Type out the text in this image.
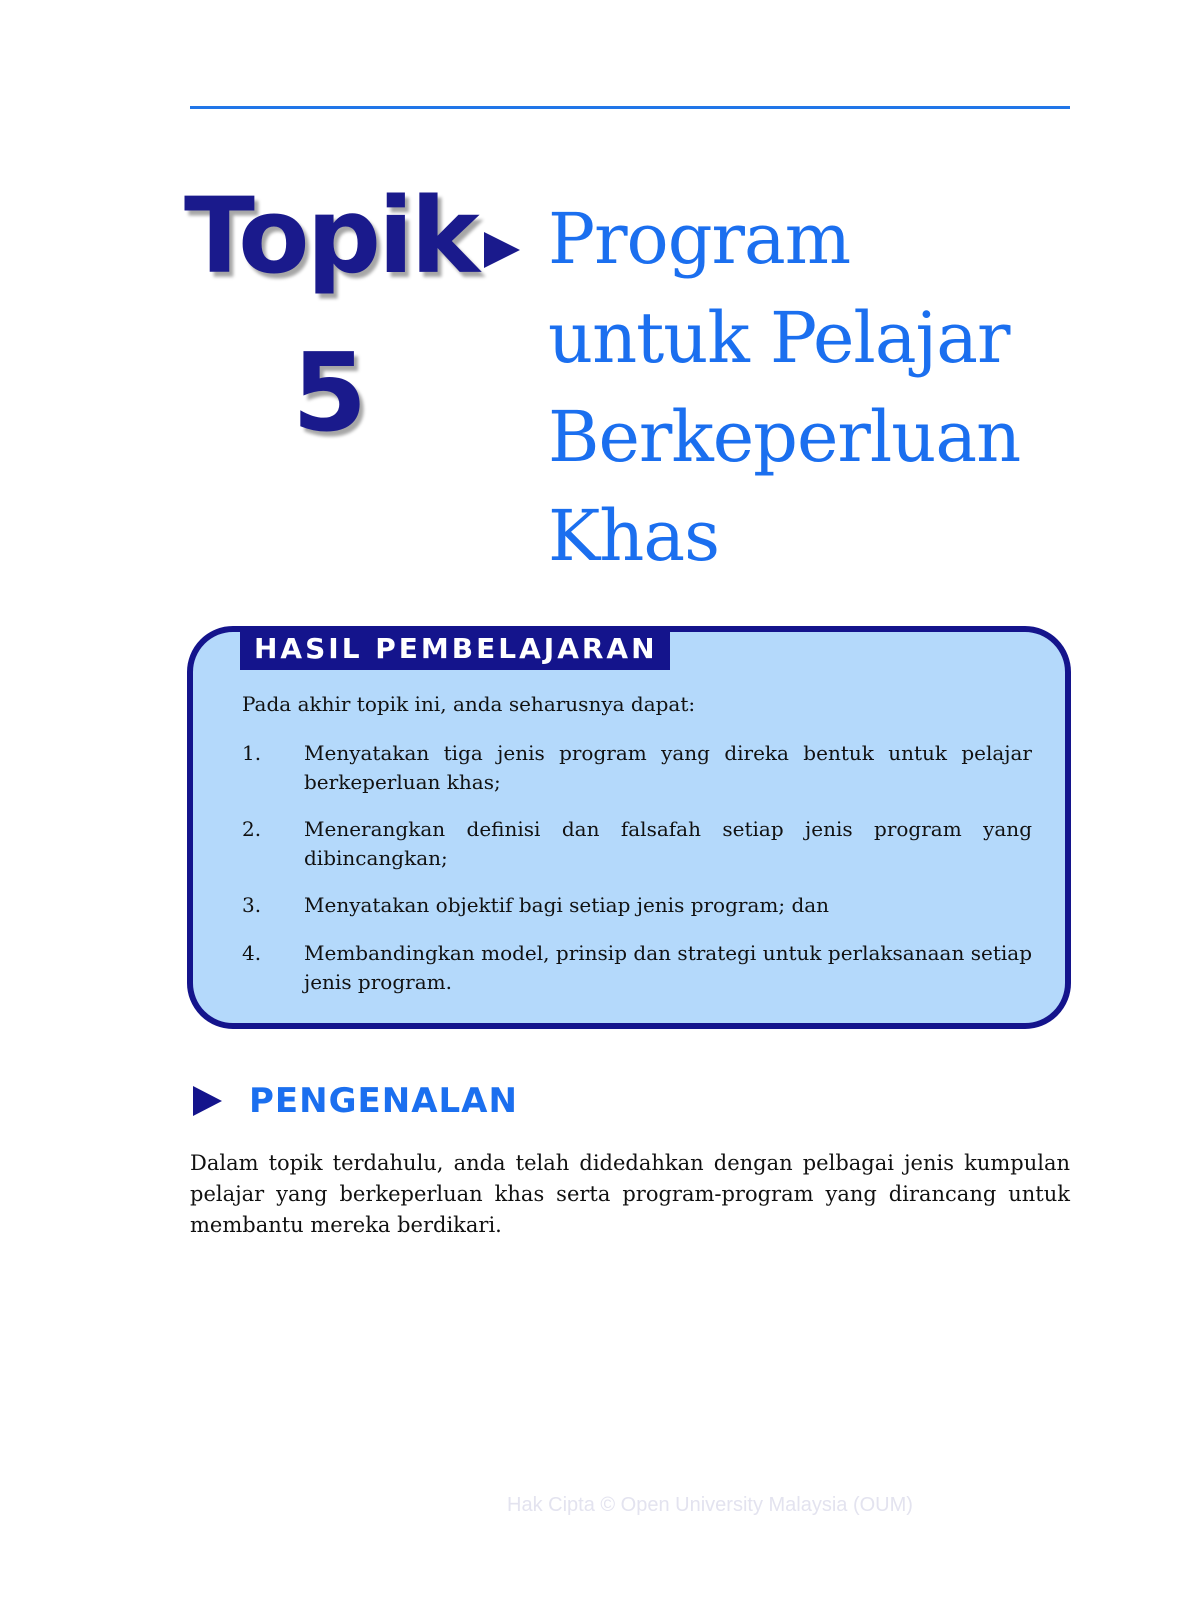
Topik
5
Program
untuk Pelajar
Berkeperluan
Khas
HASIL PEMBELAJARAN
Pada akhir topik ini, anda seharusnya dapat:
1. Menyatakan tiga jenis program yang direka bentuk untuk pelajar berkeperluan khas;
2. Menerangkan definisi dan falsafah setiap jenis program yang dibincangkan;
3. Menyatakan objektif bagi setiap jenis program; dan
4. Membandingkan model, prinsip dan strategi untuk perlaksanaan setiap jenis program.
PENGENALAN
Dalam topik terdahulu, anda telah didedahkan dengan pelbagai jenis kumpulan pelajar yang berkeperluan khas serta program-program yang dirancang untuk membantu mereka berdikari.
Hak Cipta © Open University Malaysia (OUM)
